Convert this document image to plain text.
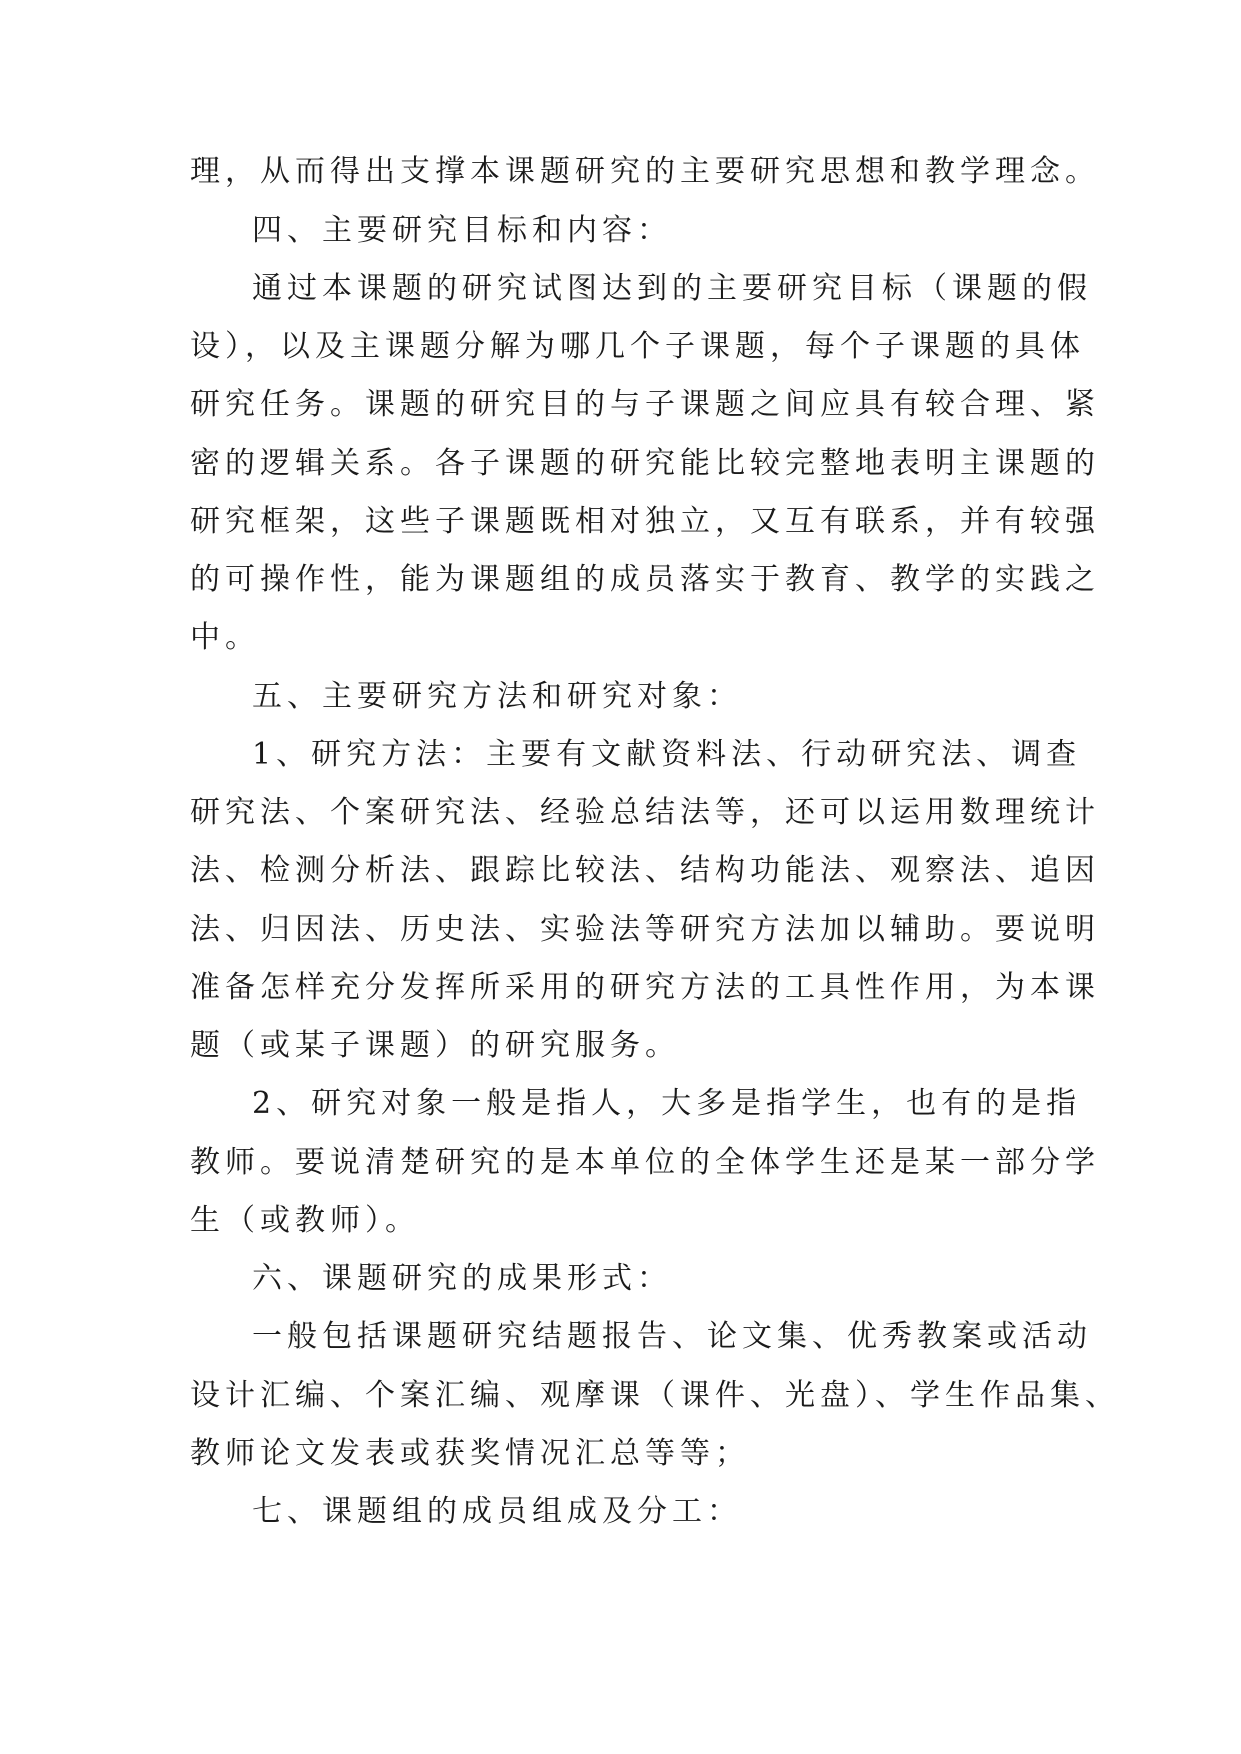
理，从而得出支撑本课题研究的主要研究思想和教学理念。

四、主要研究目标和内容：

通过本课题的研究试图达到的主要研究目标（课题的假

设），以及主课题分解为哪几个子课题，每个子课题的具体

研究任务。课题的研究目的与子课题之间应具有较合理、紧

密的逻辑关系。各子课题的研究能比较完整地表明主课题的

研究框架，这些子课题既相对独立，又互有联系，并有较强

的可操作性，能为课题组的成员落实于教育、教学的实践之

中。

五、主要研究方法和研究对象：

1、研究方法：主要有文献资料法、行动研究法、调查

研究法、个案研究法、经验总结法等，还可以运用数理统计

法、检测分析法、跟踪比较法、结构功能法、观察法、追因

法、归因法、历史法、实验法等研究方法加以辅助。要说明

准备怎样充分发挥所采用的研究方法的工具性作用，为本课

题（或某子课题）的研究服务。

2、研究对象一般是指人，大多是指学生，也有的是指

教师。要说清楚研究的是本单位的全体学生还是某一部分学

生（或教师）。

六、课题研究的成果形式：

一般包括课题研究结题报告、论文集、优秀教案或活动

设计汇编、个案汇编、观摩课（课件、光盘）、学生作品集、

教师论文发表或获奖情况汇总等等；

七、课题组的成员组成及分工：
